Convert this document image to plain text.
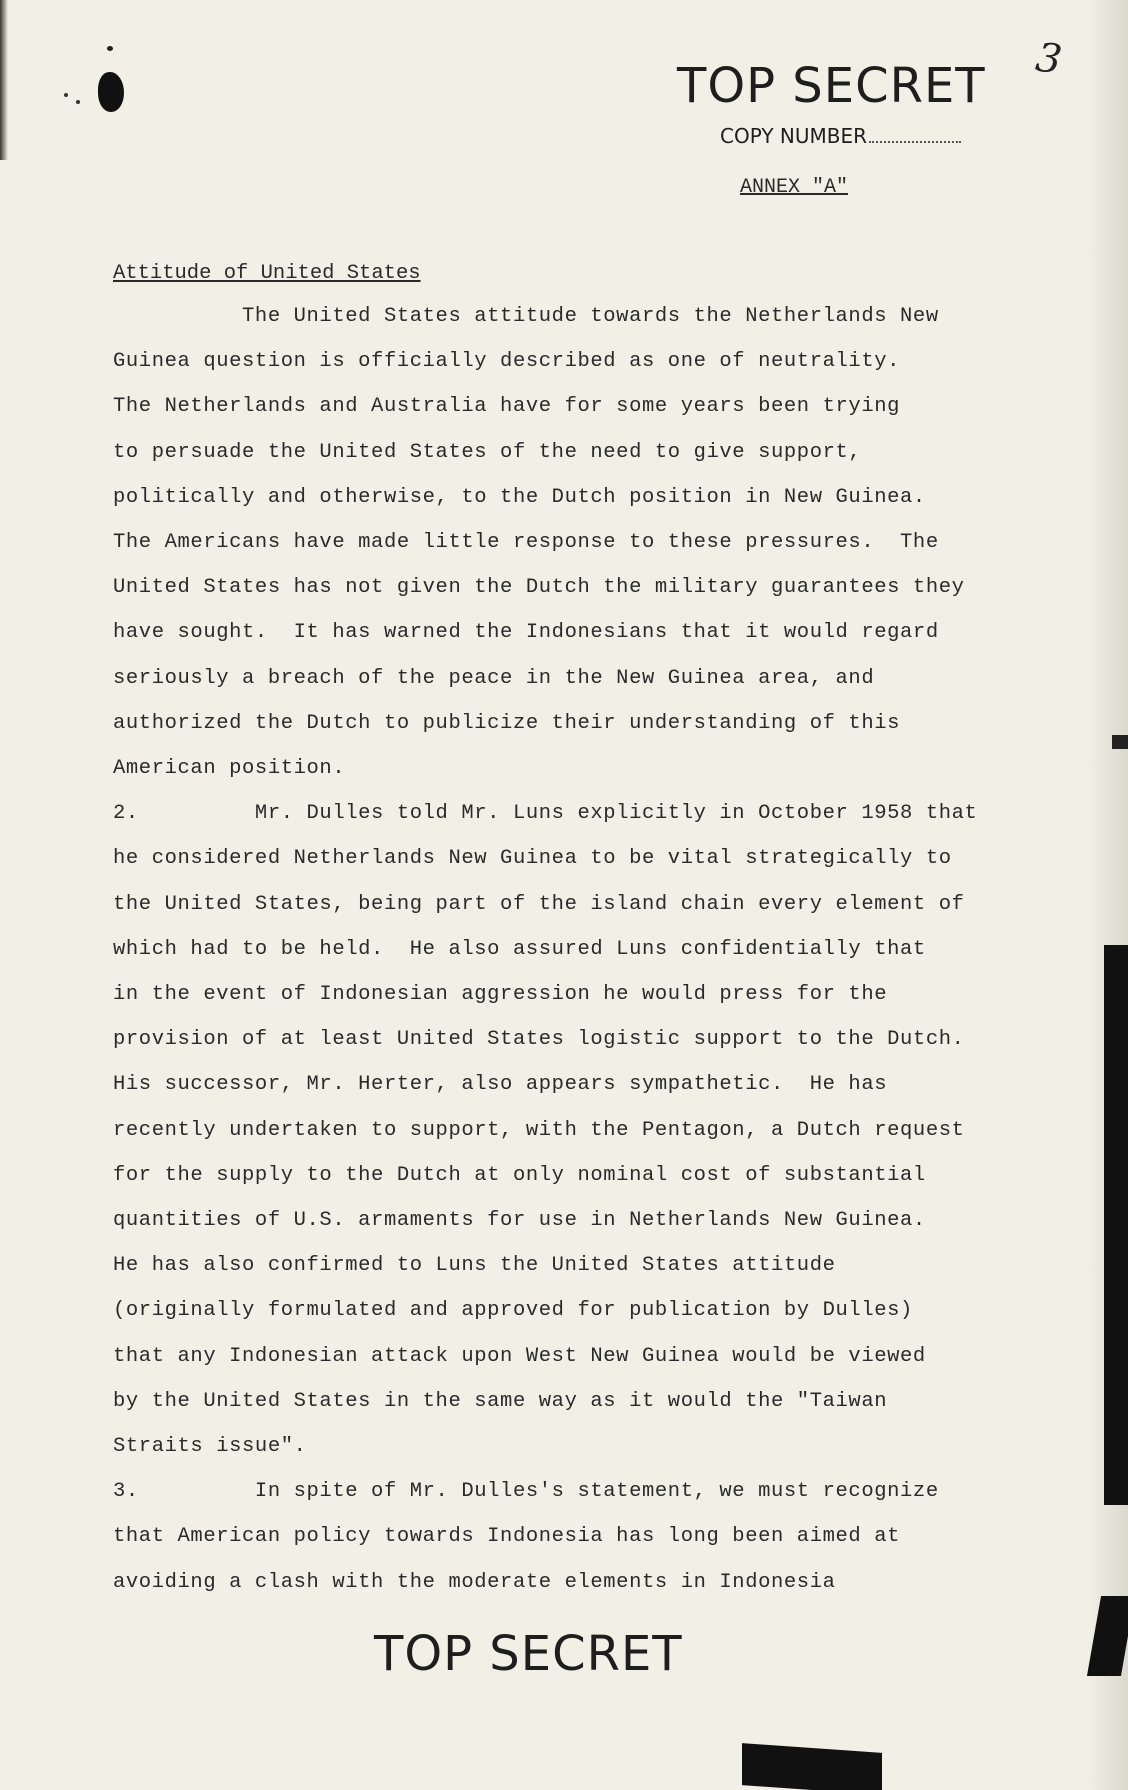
3
TOP SECRET
COPY NUMBER
ANNEX "A"
Attitude of United States
The United States attitude towards the Netherlands New
Guinea question is officially described as one of neutrality.
The Netherlands and Australia have for some years been trying
to persuade the United States of the need to give support,
politically and otherwise, to the Dutch position in New Guinea.
The Americans have made little response to these pressures.  The
United States has not given the Dutch the military guarantees they
have sought.  It has warned the Indonesians that it would regard
seriously a breach of the peace in the New Guinea area, and
authorized the Dutch to publicize their understanding of this
American position.
2.         Mr. Dulles told Mr. Luns explicitly in October 1958 that
he considered Netherlands New Guinea to be vital strategically to
the United States, being part of the island chain every element of
which had to be held.  He also assured Luns confidentially that
in the event of Indonesian aggression he would press for the
provision of at least United States logistic support to the Dutch.
His successor, Mr. Herter, also appears sympathetic.  He has
recently undertaken to support, with the Pentagon, a Dutch request
for the supply to the Dutch at only nominal cost of substantial
quantities of U.S. armaments for use in Netherlands New Guinea.
He has also confirmed to Luns the United States attitude
(originally formulated and approved for publication by Dulles)
that any Indonesian attack upon West New Guinea would be viewed
by the United States in the same way as it would the "Taiwan
Straits issue".
3.         In spite of Mr. Dulles's statement, we must recognize
that American policy towards Indonesia has long been aimed at
avoiding a clash with the moderate elements in Indonesia
TOP SECRET
